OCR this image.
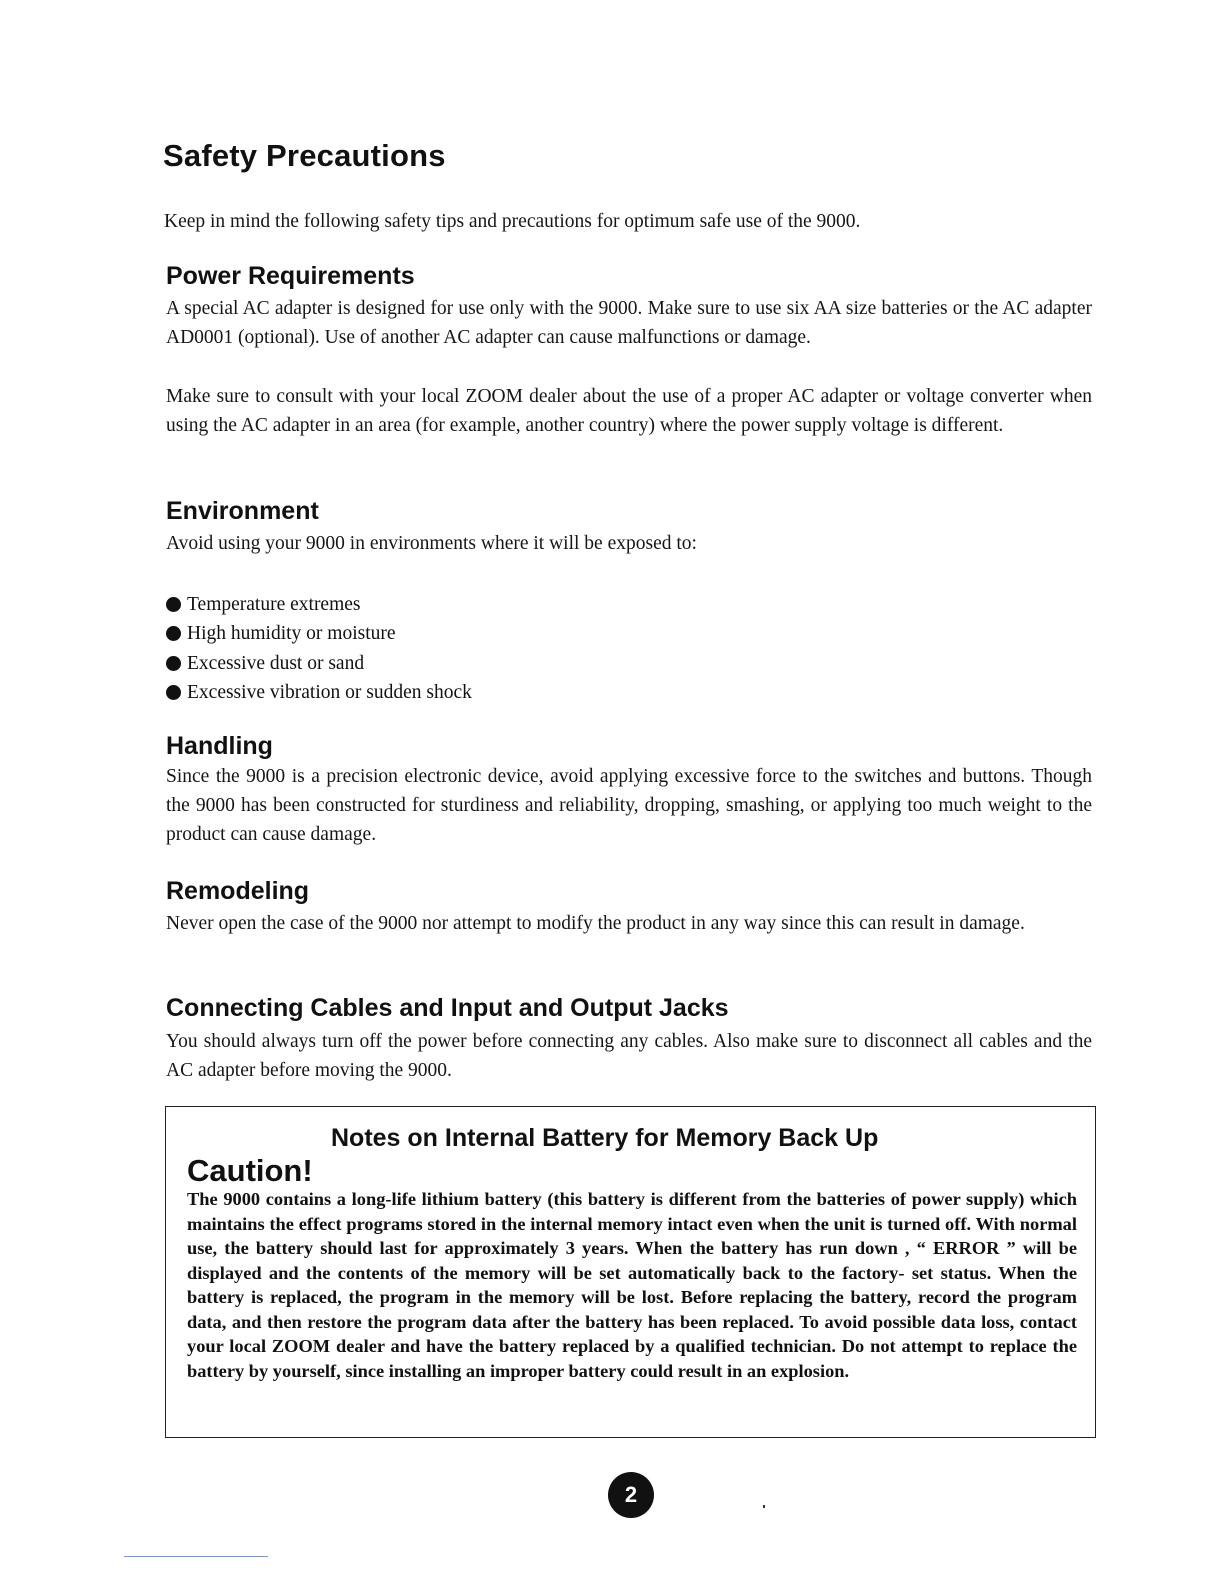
Safety Precautions

Keep in mind the following safety tips and precautions for optimum safe use of the 9000.

Power Requirements

A special AC adapter is designed for use only with the 9000. Make sure to use six AA size batteries or the AC adapter AD0001 (optional). Use of another AC adapter can cause malfunctions or damage.

Make sure to consult with your local ZOOM dealer about the use of a proper AC adapter or voltage converter when using the AC adapter in an area (for example, another country) where the power supply voltage is different.

Environment

Avoid using your 9000 in environments where it will be exposed to:

Temperature extremes
High humidity or moisture
Excessive dust or sand
Excessive vibration or sudden shock
Handling

Since the 9000 is a precision electronic device, avoid applying excessive force to the switches and buttons. Though the 9000 has been constructed for sturdiness and reliability, dropping, smashing, or applying too much weight to the product can cause damage.

Remodeling

Never open the case of the 9000 nor attempt to modify the product in any way since this can result in damage.

Connecting Cables and Input and Output Jacks

You should always turn off the power before connecting any cables. Also make sure to disconnect all cables and the AC adapter before moving the 9000.

Notes on Internal Battery for Memory Back Up
Caution!

The 9000 contains a long-life lithium battery (this battery is different from the batteries of power supply) which maintains the effect programs stored in the internal memory intact even when the unit is turned off. With normal use, the battery should last for approximately 3 years. When the battery has run down , “ ERROR ” will be displayed and the contents of the memory will be set automatically back to the factory- set status. When the battery is replaced, the program in the memory will be lost. Before replacing the battery, record the program data, and then restore the program data after the battery has been replaced. To avoid possible data loss, contact your local ZOOM dealer and have the battery replaced by a qualified technician. Do not attempt to replace the battery by yourself, since installing an improper battery could result in an explosion.

2
